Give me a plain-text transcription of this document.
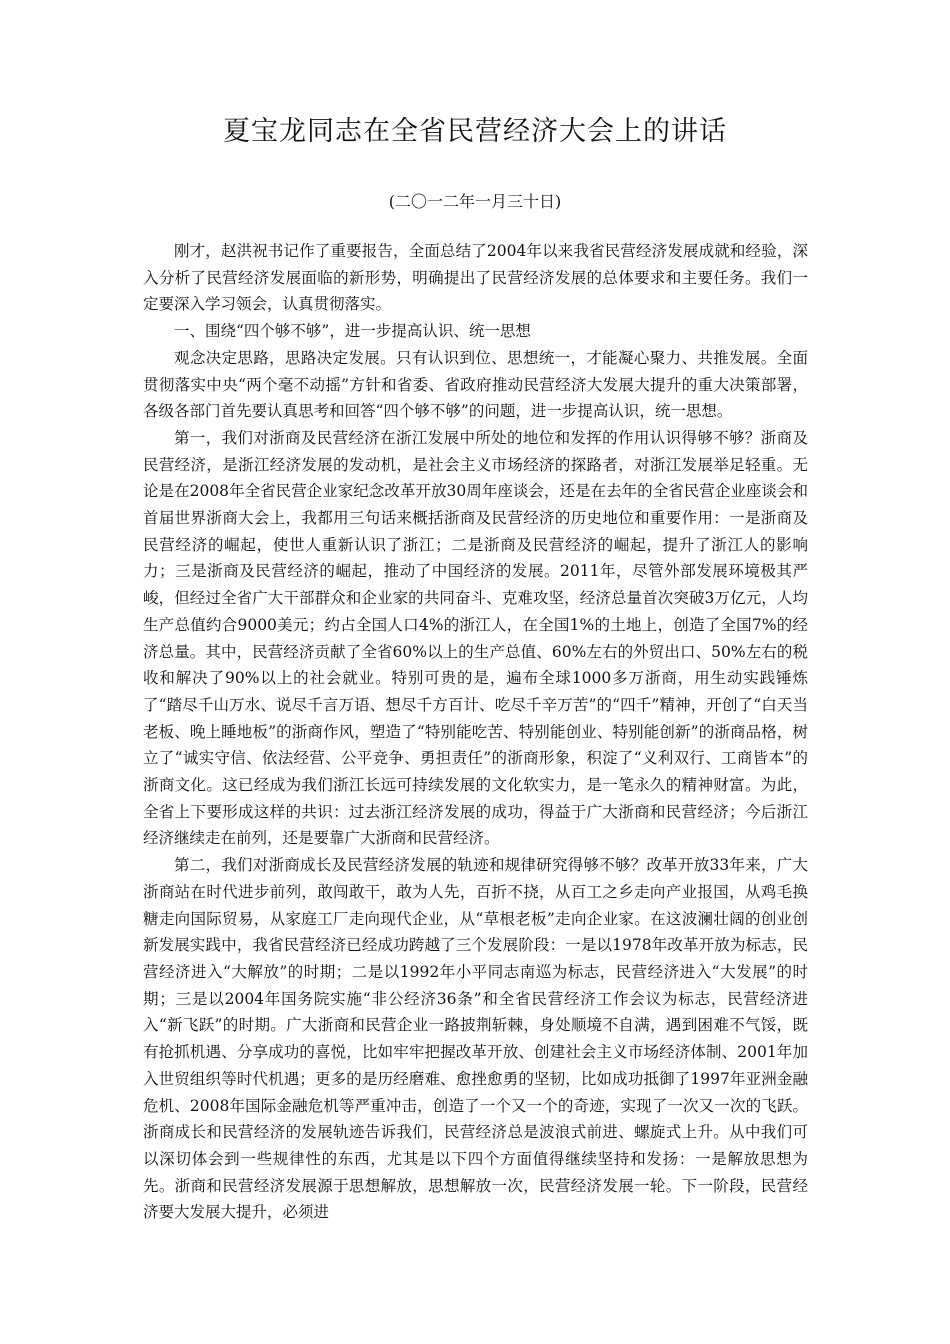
夏宝龙同志在全省民营经济大会上的讲话
(二〇一二年一月三十日)

刚才，赵洪祝书记作了重要报告，全面总结了2004年以来我省民营经济发展成就和经验，深入分析了民营经济发展面临的新形势，明确提出了民营经济发展的总体要求和主要任务。我们一定要深入学习领会，认真贯彻落实。

一、围绕“四个够不够”，进一步提高认识、统一思想

观念决定思路，思路决定发展。只有认识到位、思想统一，才能凝心聚力、共推发展。全面贯彻落实中央“两个毫不动摇”方针和省委、省政府推动民营经济大发展大提升的重大决策部署，各级各部门首先要认真思考和回答“四个够不够”的问题，进一步提高认识，统一思想。

第一，我们对浙商及民营经济在浙江发展中所处的地位和发挥的作用认识得够不够？浙商及民营经济，是浙江经济发展的发动机，是社会主义市场经济的探路者，对浙江发展举足轻重。无论是在2008年全省民营企业家纪念改革开放30周年座谈会，还是在去年的全省民营企业座谈会和首届世界浙商大会上，我都用三句话来概括浙商及民营经济的历史地位和重要作用：一是浙商及民营经济的崛起，使世人重新认识了浙江；二是浙商及民营经济的崛起，提升了浙江人的影响力；三是浙商及民营经济的崛起，推动了中国经济的发展。2011年，尽管外部发展环境极其严峻，但经过全省广大干部群众和企业家的共同奋斗、克难攻坚，经济总量首次突破3万亿元，人均生产总值约合9000美元；约占全国人口4%的浙江人，在全国1%的土地上，创造了全国7%的经济总量。其中，民营经济贡献了全省60%以上的生产总值、60%左右的外贸出口、50%左右的税收和解决了90%以上的社会就业。特别可贵的是，遍布全球1000多万浙商，用生动实践锤炼了“踏尽千山万水、说尽千言万语、想尽千方百计、吃尽千辛万苦”的“四千”精神，开创了“白天当老板、晚上睡地板”的浙商作风，塑造了“特别能吃苦、特别能创业、特别能创新”的浙商品格，树立了“诚实守信、依法经营、公平竞争、勇担责任”的浙商形象，积淀了“义利双行、工商皆本”的浙商文化。这已经成为我们浙江长远可持续发展的文化软实力，是一笔永久的精神财富。为此，全省上下要形成这样的共识：过去浙江经济发展的成功，得益于广大浙商和民营经济；今后浙江经济继续走在前列，还是要靠广大浙商和民营经济。

第二，我们对浙商成长及民营经济发展的轨迹和规律研究得够不够？改革开放33年来，广大浙商站在时代进步前列，敢闯敢干，敢为人先，百折不挠，从百工之乡走向产业报国，从鸡毛换糖走向国际贸易，从家庭工厂走向现代企业，从“草根老板”走向企业家。在这波澜壮阔的创业创新发展实践中，我省民营经济已经成功跨越了三个发展阶段：一是以1978年改革开放为标志，民营经济进入“大解放”的时期；二是以1992年小平同志南巡为标志，民营经济进入“大发展”的时期；三是以2004年国务院实施“非公经济36条”和全省民营经济工作会议为标志，民营经济进入“新飞跃”的时期。广大浙商和民营企业一路披荆斩棘，身处顺境不自满，遇到困难不气馁，既有抢抓机遇、分享成功的喜悦，比如牢牢把握改革开放、创建社会主义市场经济体制、2001年加入世贸组织等时代机遇；更多的是历经磨难、愈挫愈勇的坚韧，比如成功抵御了1997年亚洲金融危机、2008年国际金融危机等严重冲击，创造了一个又一个的奇迹，实现了一次又一次的飞跃。浙商成长和民营经济的发展轨迹告诉我们，民营经济总是波浪式前进、螺旋式上升。从中我们可以深切体会到一些规律性的东西，尤其是以下四个方面值得继续坚持和发扬：一是解放思想为先。浙商和民营经济发展源于思想解放，思想解放一次，民营经济发展一轮。下一阶段，民营经济要大发展大提升，必须进
